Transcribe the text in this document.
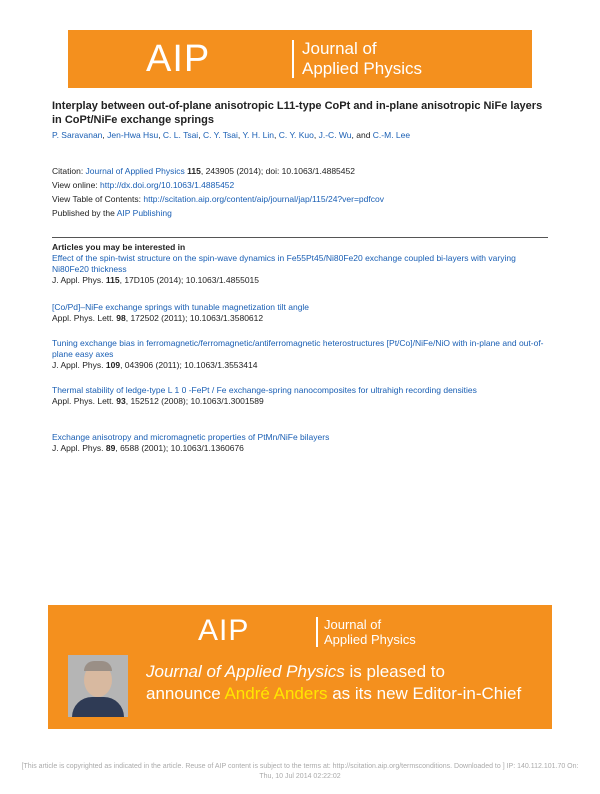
AIP	Journal of
Applied Physics
Interplay between out-of-plane anisotropic L11-type CoPt and in-plane anisotropic NiFe layers in CoPt/NiFe exchange springs
P. Saravanan, Jen-Hwa Hsu, C. L. Tsai, C. Y. Tsai, Y. H. Lin, C. Y. Kuo, J.-C. Wu, and C.-M. Lee
Citation: Journal of Applied Physics 115, 243905 (2014); doi: 10.1063/1.4885452
View online: http://dx.doi.org/10.1063/1.4885452
View Table of Contents: http://scitation.aip.org/content/aip/journal/jap/115/24?ver=pdfcov
Published by the AIP Publishing
Articles you may be interested in
Effect of the spin-twist structure on the spin-wave dynamics in Fe55Pt45/Ni80Fe20 exchange coupled bi-layers with varying Ni80Fe20 thickness
J. Appl. Phys. 115, 17D105 (2014); 10.1063/1.4855015
[Co/Pd]–NiFe exchange springs with tunable magnetization tilt angle
Appl. Phys. Lett. 98, 172502 (2011); 10.1063/1.3580612
Tuning exchange bias in ferromagnetic/ferromagnetic/antiferromagnetic heterostructures [Pt/Co]/NiFe/NiO with in-plane and out-of-plane easy axes
J. Appl. Phys. 109, 043906 (2011); 10.1063/1.3553414
Thermal stability of ledge-type L 1 0 -FePt / Fe exchange-spring nanocomposites for ultrahigh recording densities
Appl. Phys. Lett. 93, 152512 (2008); 10.1063/1.3001589
Exchange anisotropy and micromagnetic properties of PtMn/NiFe bilayers
J. Appl. Phys. 89, 6588 (2001); 10.1063/1.1360676
AIP	Journal of
Applied Physics
Journal of Applied Physics is pleased to
announce André Anders as its new Editor-in-Chief
[This article is copyrighted as indicated in the article. Reuse of AIP content is subject to the terms at: http://scitation.aip.org/termsconditions. Downloaded to ] IP: 140.112.101.70 On: Thu, 10 Jul 2014 02:22:02
